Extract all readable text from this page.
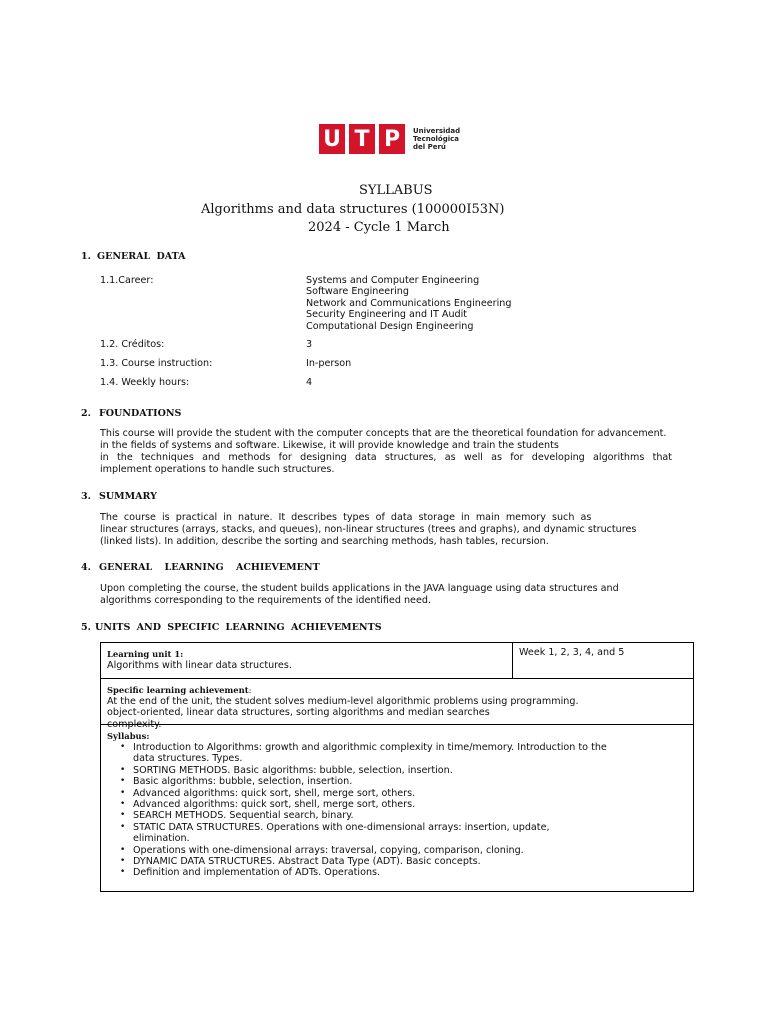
U T P	Universidad
Tecnológica
del Perú
SYLLABUS
Algorithms and data structures (100000I53N)
2024 - Cycle 1 March
1. GENERAL DATA
1.1.Career:	Systems and Computer Engineering
Software Engineering
Network and Communications Engineering
Security Engineering and IT Audit
Computational Design Engineering
1.2. Créditos:	3
1.3. Course instruction:	In-person
1.4. Weekly hours:	4
2. FOUNDATIONS
This course will provide the student with the computer concepts that are the theoretical foundation for advancement.
in the fields of systems and software. Likewise, it will provide knowledge and train the students
in the techniques and methods for designing data structures, as well as for developing algorithms that
implement operations to handle such structures.
3. SUMMARY
The course is practical in nature. It describes types of data storage in main memory such as
linear structures (arrays, stacks, and queues), non-linear structures (trees and graphs), and dynamic structures
(linked lists). In addition, describe the sorting and searching methods, hash tables, recursion.
4. GENERAL LEARNING ACHIEVEMENT
Upon completing the course, the student builds applications in the JAVA language using data structures and
algorithms corresponding to the requirements of the identified need.
5. UNITS AND SPECIFIC LEARNING ACHIEVEMENTS
Learning unit 1:
Algorithms with linear data structures.
Week 1, 2, 3, 4, and 5
Specific learning achievement:
At the end of the unit, the student solves medium-level algorithmic problems using programming.
object-oriented, linear data structures, sorting algorithms and median searches
complexity.
Syllabus:
• Introduction to Algorithms: growth and algorithmic complexity in time/memory. Introduction to the
data structures. Types.
• SORTING METHODS. Basic algorithms: bubble, selection, insertion.
• Basic algorithms: bubble, selection, insertion.
• Advanced algorithms: quick sort, shell, merge sort, others.
• Advanced algorithms: quick sort, shell, merge sort, others.
• SEARCH METHODS. Sequential search, binary.
• STATIC DATA STRUCTURES. Operations with one-dimensional arrays: insertion, update,
elimination.
• Operations with one-dimensional arrays: traversal, copying, comparison, cloning.
• DYNAMIC DATA STRUCTURES. Abstract Data Type (ADT). Basic concepts.
• Definition and implementation of ADTs. Operations.
